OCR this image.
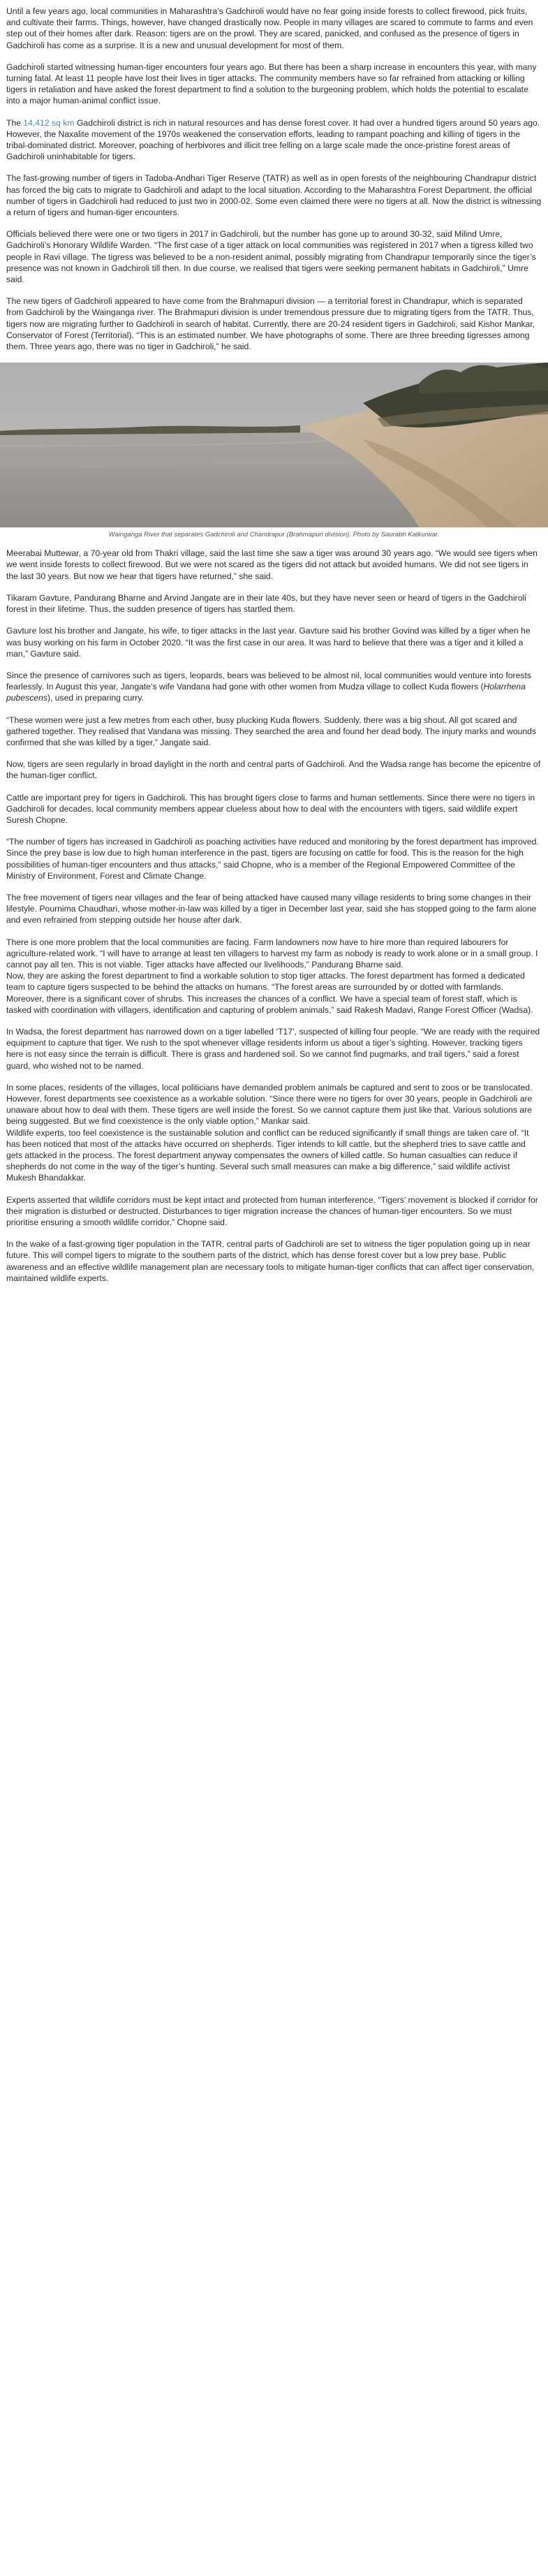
Until a few years ago, local communities in Maharashtra’s Gadchiroli would have no fear going inside forests to collect firewood, pick fruits, and cultivate their farms. Things, however, have changed drastically now. People in many villages are scared to commute to farms and even step out of their homes after dark. Reason: tigers are on the prowl. They are scared, panicked, and confused as the presence of tigers in Gadchiroli has come as a surprise. It is a new and unusual development for most of them.

Gadchiroli started witnessing human-tiger encounters four years ago. But there has been a sharp increase in encounters this year, with many turning fatal. At least 11 people have lost their lives in tiger attacks. The community members have so far refrained from attacking or killing tigers in retaliation and have asked the forest department to find a solution to the burgeoning problem, which holds the potential to escalate into a major human-animal conflict issue.

The 14,412 sq km Gadchiroli district is rich in natural resources and has dense forest cover. It had over a hundred tigers around 50 years ago. However, the Naxalite movement of the 1970s weakened the conservation efforts, leading to rampant poaching and killing of tigers in the tribal-dominated district. Moreover, poaching of herbivores and illicit tree felling on a large scale made the once-pristine forest areas of Gadchiroli uninhabitable for tigers.

The fast-growing number of tigers in Tadoba-Andhari Tiger Reserve (TATR) as well as in open forests of the neighbouring Chandrapur district has forced the big cats to migrate to Gadchiroli and adapt to the local situation. According to the Maharashtra Forest Department, the official number of tigers in Gadchiroli had reduced to just two in 2000-02. Some even claimed there were no tigers at all. Now the district is witnessing a return of tigers and human-tiger encounters.

Officials believed there were one or two tigers in 2017 in Gadchiroli, but the number has gone up to around 30-32, said Milind Umre, Gadchiroli’s Honorary Wildlife Warden. “The first case of a tiger attack on local communities was registered in 2017 when a tigress killed two people in Ravi village. The tigress was believed to be a non-resident animal, possibly migrating from Chandrapur temporarily since the tiger’s presence was not known in Gadchiroli till then. In due course, we realised that tigers were seeking permanent habitats in Gadchiroli,” Umre said.

The new tigers of Gadchiroli appeared to have come from the Brahmapuri division — a territorial forest in Chandrapur, which is separated from Gadchiroli by the Wainganga river. The Brahmapuri division is under tremendous pressure due to migrating tigers from the TATR. Thus, tigers now are migrating further to Gadchiroli in search of habitat. Currently, there are 20-24 resident tigers in Gadchiroli, said Kishor Mankar, Conservator of Forest (Territorial). “This is an estimated number. We have photographs of some. There are three breeding tigresses among them. Three years ago, there was no tiger in Gadchiroli,” he said.

Wainganga River that separates Gadchiroli and Chandrapur (Brahmapuri division). Photo by Saurabh Katkurwar.

Meerabai Muttewar, a 70-year old from Thakri village, said the last time she saw a tiger was around 30 years ago. “We would see tigers when we went inside forests to collect firewood. But we were not scared as the tigers did not attack but avoided humans. We did not see tigers in the last 30 years. But now we hear that tigers have returned,” she said.

Tikaram Gavture, Pandurang Bharne and Arvind Jangate are in their late 40s, but they have never seen or heard of tigers in the Gadchiroli forest in their lifetime. Thus, the sudden presence of tigers has startled them.

Gavture lost his brother and Jangate, his wife, to tiger attacks in the last year. Gavture said his brother Govind was killed by a tiger when he was busy working on his farm in October 2020. “It was the first case in our area. It was hard to believe that there was a tiger and it killed a man,” Gavture said.

Since the presence of carnivores such as tigers, leopards, bears was believed to be almost nil, local communities would venture into forests fearlessly. In August this year, Jangate’s wife Vandana had gone with other women from Mudza village to collect Kuda flowers (Holarrhena pubescens), used in preparing curry.

“These women were just a few metres from each other, busy plucking Kuda flowers. Suddenly, there was a big shout. All got scared and gathered together. They realised that Vandana was missing. They searched the area and found her dead body. The injury marks and wounds confirmed that she was killed by a tiger,” Jangate said.

Now, tigers are seen regularly in broad daylight in the north and central parts of Gadchiroli. And the Wadsa range has become the epicentre of the human-tiger conflict.

Cattle are important prey for tigers in Gadchiroli. This has brought tigers close to farms and human settlements. Since there were no tigers in Gadchiroli for decades, local community members appear clueless about how to deal with the encounters with tigers, said wildlife expert Suresh Chopne.

“The number of tigers has increased in Gadchiroli as poaching activities have reduced and monitoring by the forest department has improved. Since the prey base is low due to high human interference in the past, tigers are focusing on cattle for food. This is the reason for the high possibilities of human-tiger encounters and thus attacks,” said Chopne, who is a member of the Regional Empowered Committee of the Ministry of Environment, Forest and Climate Change.

The free movement of tigers near villages and the fear of being attacked have caused many village residents to bring some changes in their lifestyle. Pournima Chaudhari, whose mother-in-law was killed by a tiger in December last year, said she has stopped going to the farm alone and even refrained from stepping outside her house after dark.

There is one more problem that the local communities are facing. Farm landowners now have to hire more than required labourers for agriculture-related work. “I will have to arrange at least ten villagers to harvest my farm as nobody is ready to work alone or in a small group. I cannot pay all ten. This is not viable. Tiger attacks have affected our livelihoods,” Pandurang Bharne said.

Now, they are asking the forest department to find a workable solution to stop tiger attacks. The forest department has formed a dedicated team to capture tigers suspected to be behind the attacks on humans. “The forest areas are surrounded by or dotted with farmlands. Moreover, there is a significant cover of shrubs. This increases the chances of a conflict. We have a special team of forest staff, which is tasked with coordination with villagers, identification and capturing of problem animals,” said Rakesh Madavi, Range Forest Officer (Wadsa).

In Wadsa, the forest department has narrowed down on a tiger labelled ‘T17’, suspected of killing four people. “We are ready with the required equipment to capture that tiger. We rush to the spot whenever village residents inform us about a tiger’s sighting. However, tracking tigers here is not easy since the terrain is difficult. There is grass and hardened soil. So we cannot find pugmarks, and trail tigers,” said a forest guard, who wished not to be named.

In some places, residents of the villages, local politicians have demanded problem animals be captured and sent to zoos or be translocated. However, forest departments see coexistence as a workable solution. “Since there were no tigers for over 30 years, people in Gadchiroli are unaware about how to deal with them. These tigers are well inside the forest. So we cannot capture them just like that. Various solutions are being suggested. But we find coexistence is the only viable option,” Mankar said.

Wildlife experts, too feel coexistence is the sustainable solution and conflict can be reduced significantly if small things are taken care of. “It has been noticed that most of the attacks have occurred on shepherds. Tiger intends to kill cattle, but the shepherd tries to save cattle and gets attacked in the process. The forest department anyway compensates the owners of killed cattle. So human casualties can reduce if shepherds do not come in the way of the tiger’s hunting. Several such small measures can make a big difference,” said wildlife activist Mukesh Bhandakkar.

Experts asserted that wildlife corridors must be kept intact and protected from human interference. “Tigers’ movement is blocked if corridor for their migration is disturbed or destructed. Disturbances to tiger migration increase the chances of human-tiger encounters. So we must prioritise ensuring a smooth wildlife corridor,” Chopne said.

In the wake of a fast-growing tiger population in the TATR, central parts of Gadchiroli are set to witness the tiger population going up in near future. This will compel tigers to migrate to the southern parts of the district, which has dense forest cover but a low prey base. Public awareness and an effective wildlife management plan are necessary tools to mitigate human-tiger conflicts that can affect tiger conservation, maintained wildlife experts.
